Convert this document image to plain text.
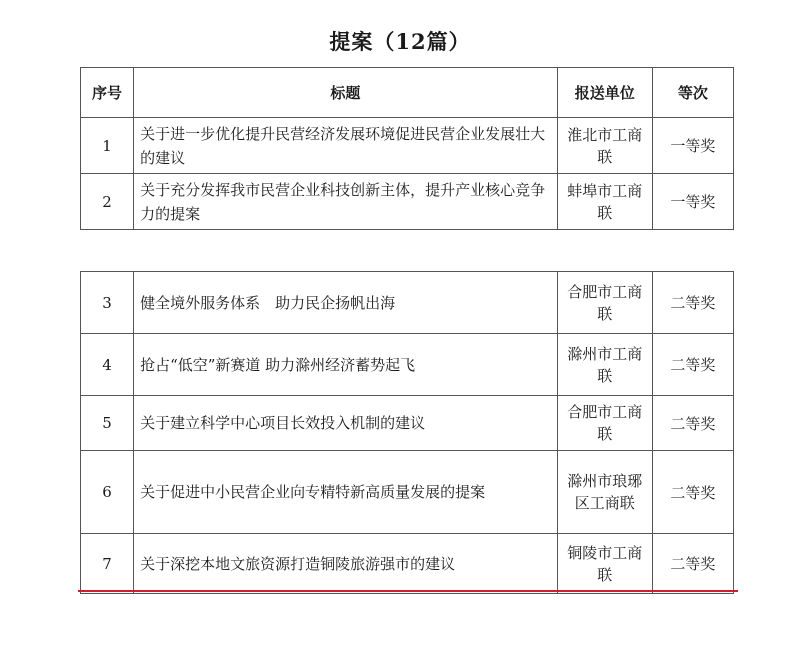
提案（12篇）
序号	标题	报送单位	等次
1	关于进一步优化提升民营经济发展环境促进民营企业发展壮大的建议	淮北市工商联	一等奖
2	关于充分发挥我市民营企业科技创新主体，提升产业核心竞争力的提案	蚌埠市工商联	一等奖
3	健全境外服务体系　助力民企扬帆出海	合肥市工商联	二等奖
4	抢占“低空”新赛道 助力滁州经济蓄势起飞	滁州市工商联	二等奖
5	关于建立科学中心项目长效投入机制的建议	合肥市工商联	二等奖
6	关于促进中小民营企业向专精特新高质量发展的提案	滁州市琅琊区工商联	二等奖
7	关于深挖本地文旅资源打造铜陵旅游强市的建议	铜陵市工商联	二等奖
